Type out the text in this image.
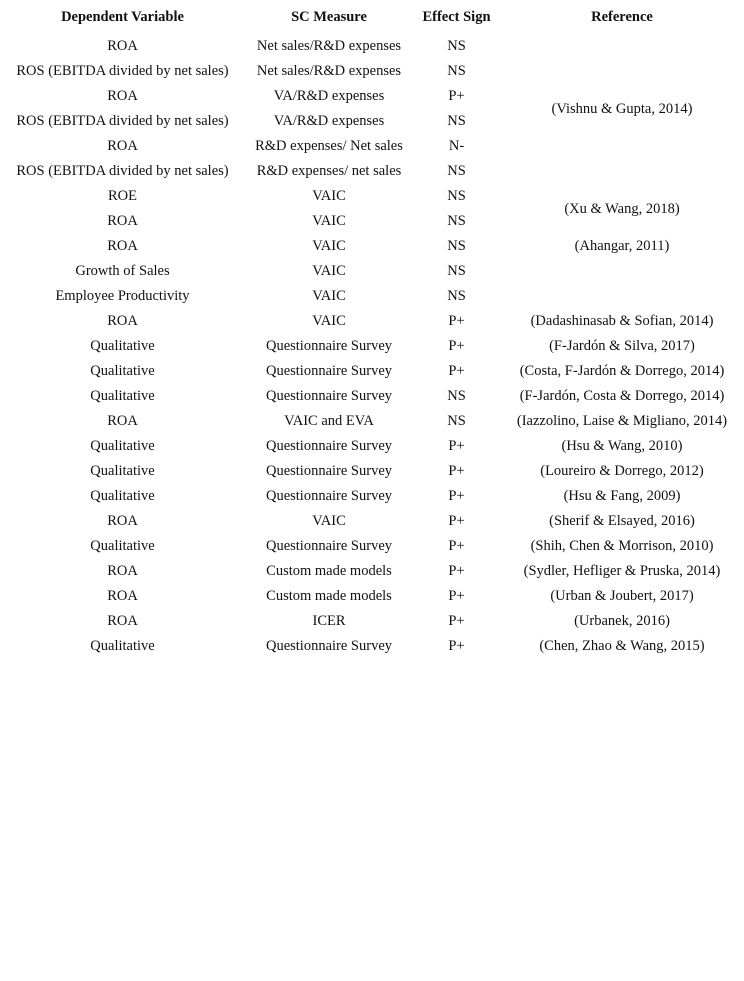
Dependent Variable	SC Measure	Effect Sign	Reference
ROA	Net sales/R&D expenses	NS	(Vishnu & Gupta, 2014)
ROS (EBITDA divided by net sales)	Net sales/R&D expenses	NS	
ROA	VA/R&D expenses	P+	
ROS (EBITDA divided by net sales)	VA/R&D expenses	NS	
ROA	R&D expenses/ Net sales	N-	
ROS (EBITDA divided by net sales)	R&D expenses/ net sales	NS	
ROE	VAIC	NS	(Xu & Wang, 2018)
ROA	VAIC	NS	
ROA	VAIC	NS	(Ahangar, 2011)
Growth of Sales	VAIC	NS	
Employee Productivity	VAIC	NS	
ROA	VAIC	P+	(Dadashinasab & Sofian, 2014)
Qualitative	Questionnaire Survey	P+	(F-Jardón & Silva, 2017)
Qualitative	Questionnaire Survey	P+	(Costa, F-Jardón & Dorrego, 2014)
Qualitative	Questionnaire Survey	NS	(F-Jardón, Costa & Dorrego, 2014)
ROA	VAIC and EVA	NS	(Iazzolino, Laise & Migliano, 2014)
Qualitative	Questionnaire Survey	P+	(Hsu & Wang, 2010)
Qualitative	Questionnaire Survey	P+	(Loureiro & Dorrego, 2012)
Qualitative	Questionnaire Survey	P+	(Hsu & Fang, 2009)
ROA	VAIC	P+	(Sherif & Elsayed, 2016)
Qualitative	Questionnaire Survey	P+	(Shih, Chen & Morrison, 2010)
ROA	Custom made models	P+	(Sydler, Hefliger & Pruska, 2014)
ROA	Custom made models	P+	(Urban & Joubert, 2017)
ROA	ICER	P+	(Urbanek, 2016)
Qualitative	Questionnaire Survey	P+	(Chen, Zhao & Wang, 2015)
